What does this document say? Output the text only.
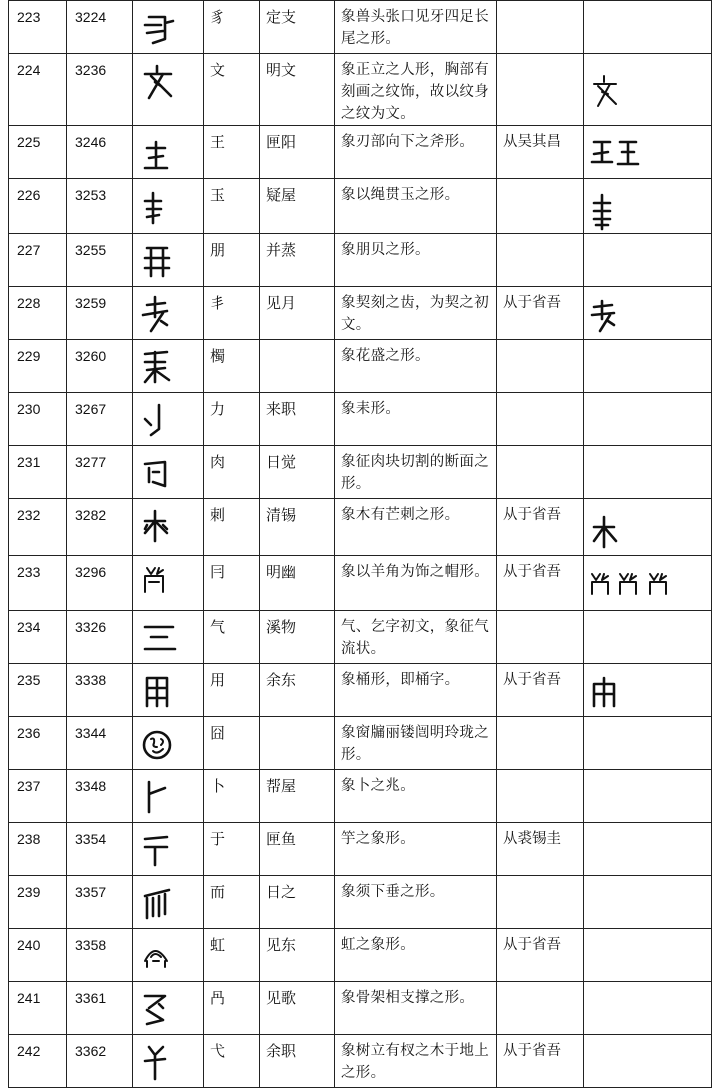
223	3224		豸	定支	象兽头张口见牙四足长尾之形。		
224	3236		文	明文	象正立之人形，胸部有刻画之纹饰，故以纹身之纹为文。		

225	3246		王	匣阳	象刃部向下之斧形。	从吴其昌	

226	3253		玉	疑屋	象以绳贯玉之形。		

227	3255		朋	并蒸	象朋贝之形。		
228	3259		丯	见月	象契刻之齿，为契之初文。	从于省吾	

229	3260		㯮		象花盛之形。		
230	3267		力	来职	象耒形。		
231	3277		肉	日觉	象征肉块切割的断面之形。		
232	3282		刺	清锡	象木有芒刺之形。	从于省吾	

233	3296		冃	明幽	象以羊角为饰之帽形。	从于省吾	

234	3326		气	溪物	气、乞字初文，象征气流状。		
235	3338		用	余东	象桶形，即桶字。	从于省吾	

236	3344		囧		象窗牖丽镂闿明玲珑之形。		
237	3348		卜	帮屋	象卜之兆。		
238	3354		于	匣鱼	竽之象形。	从裘锡圭	
239	3357		而	日之	象须下垂之形。		
240	3358		虹	见东	虹之象形。	从于省吾	
241	3361		冎	见歌	象骨架相支撑之形。		
242	3362		弋	余职	象树立有杈之木于地上之形。	从于省吾	
